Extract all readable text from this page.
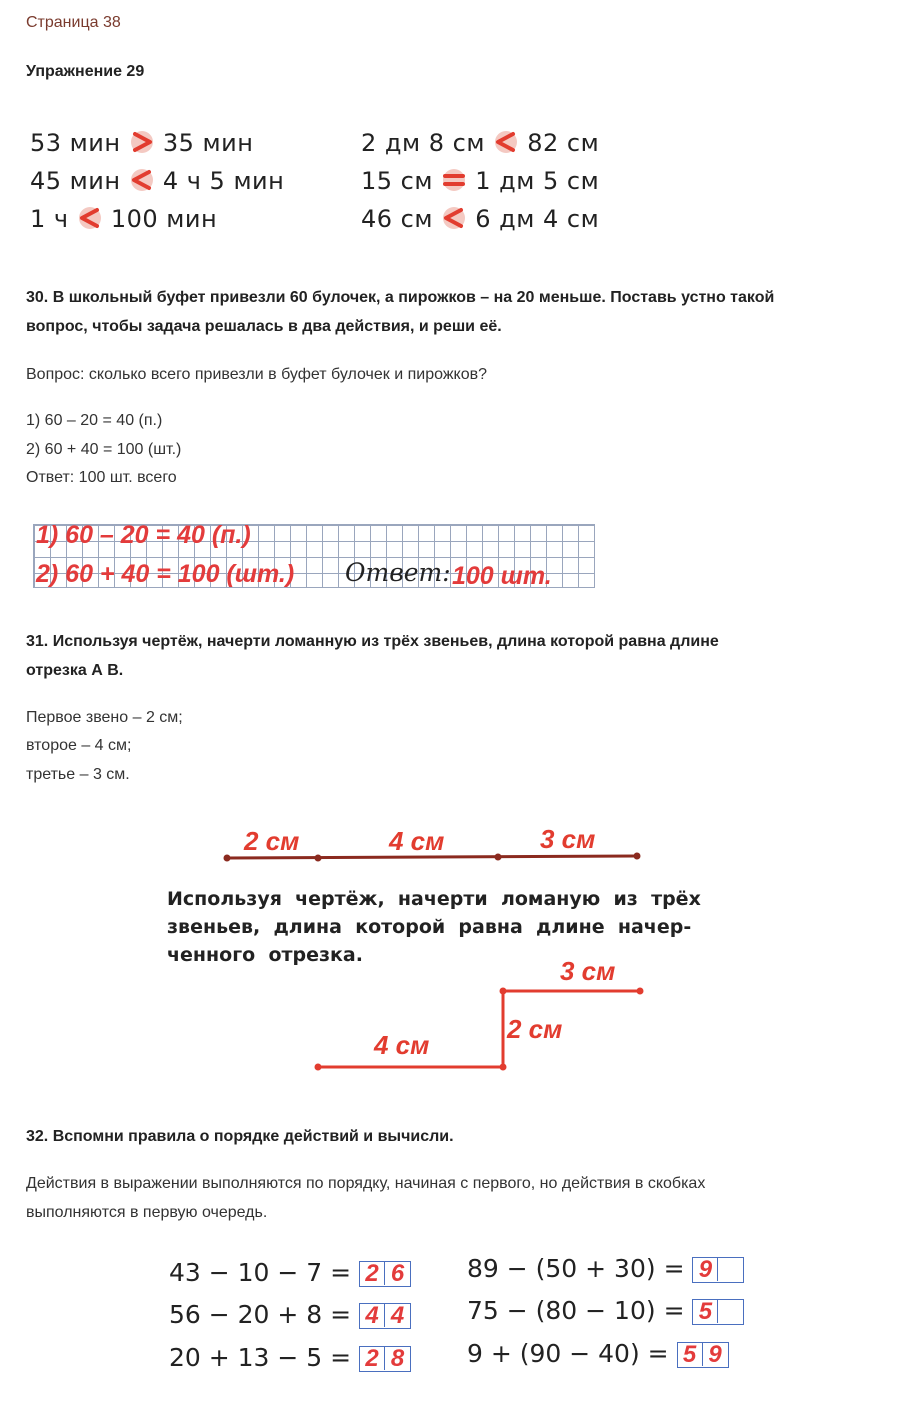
Страница 38
Упражнение 29
53 мин 35 мин
45 мин 4 ч 5 мин
1 ч 100 мин
2 дм 8 см 82 см
15 см 1 дм 5 см
46 см 6 дм 4 см
30. В школьный буфет привезли 60 булочек, а пирожков – на 20 меньше. Поставь устно такой
вопрос, чтобы задача решалась в два действия, и реши её.
Вопрос: сколько всего привезли в буфет булочек и пирожков?
1) 60 – 20 = 40 (п.)
2) 60 + 40 = 100 (шт.)
Ответ: 100 шт. всего
1) 60 – 20 = 40 (п.)
2) 60 + 40 = 100 (шт.) Ответ: 100 шт.
31. Используя чертёж, начерти ломанную из трёх звеньев, длина которой равна длине
отрезка А В.
Первое звено – 2 см;
второе – 4 см;
третье – 3 см.
2 см	4 см	3 см
Используя  чертёж,  начерти  ломаную  из  трёх
звеньев,  длина  которой  равна  длине  начер-
ченного  отрезка.
4 см
2 см
3 см
32. Вспомни правила о порядке действий и вычисли.
Действия в выражении выполняются по порядку, начиная с первого, но действия в скобках
выполняются в первую очередь.
43 − 10 − 7 = 2 6
56 − 20 + 8 = 4 4
20 + 13 − 5 = 2 8
89 − (50 + 30) = 9
75 − (80 − 10) = 5
9 + (90 − 40) = 5 9
